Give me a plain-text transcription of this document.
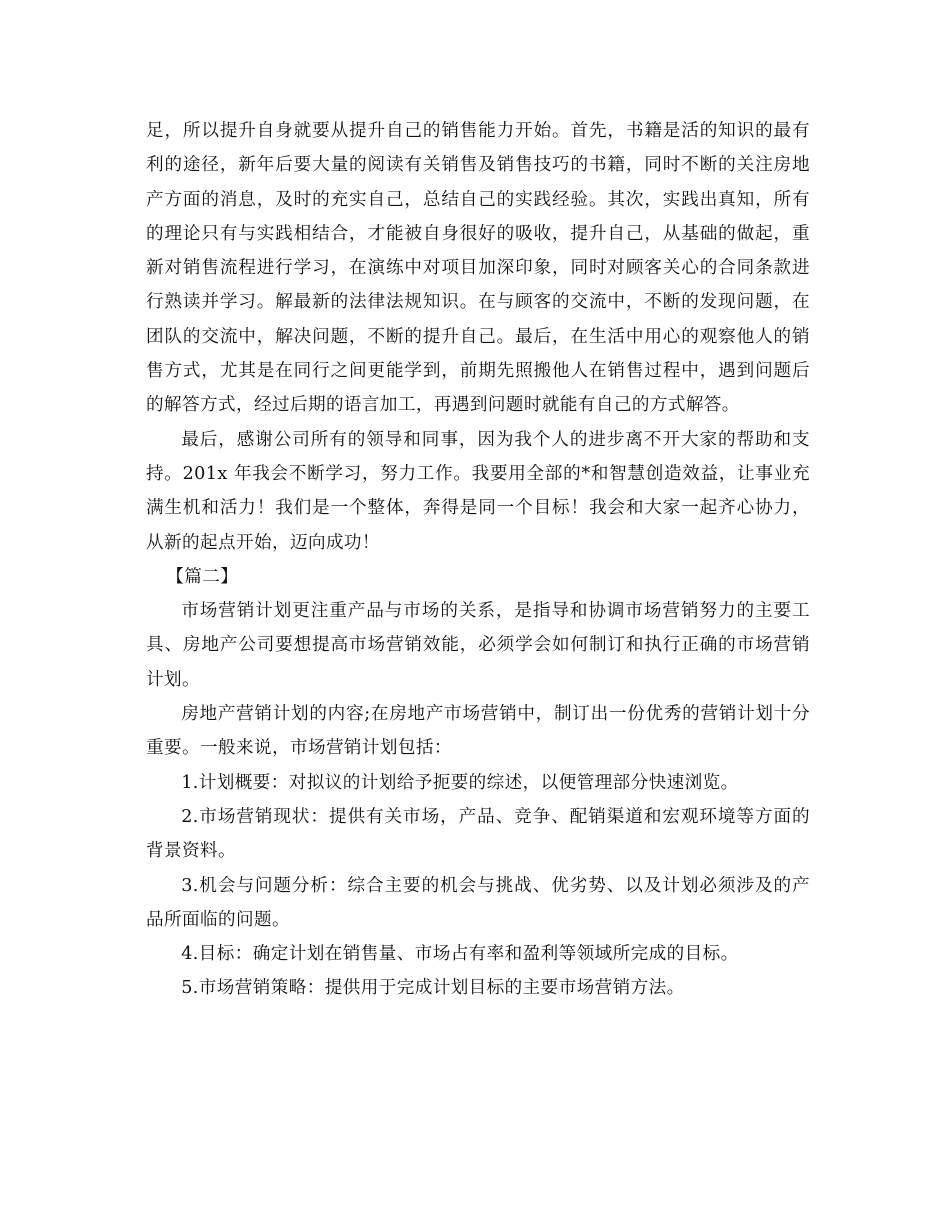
足，所以提升自身就要从提升自己的销售能力开始。首先，书籍是活的知识的最有利的途径，新年后要大量的阅读有关销售及销售技巧的书籍，同时不断的关注房地产方面的消息，及时的充实自己，总结自己的实践经验。其次，实践出真知，所有的理论只有与实践相结合，才能被自身很好的吸收，提升自己，从基础的做起，重新对销售流程进行学习，在演练中对项目加深印象，同时对顾客关心的合同条款进行熟读并学习。解最新的法律法规知识。在与顾客的交流中，不断的发现问题，在团队的交流中，解决问题，不断的提升自己。最后，在生活中用心的观察他人的销售方式，尤其是在同行之间更能学到，前期先照搬他人在销售过程中，遇到问题后的解答方式，经过后期的语言加工，再遇到问题时就能有自己的方式解答。

最后，感谢公司所有的领导和同事，因为我个人的进步离不开大家的帮助和支持。201x 年我会不断学习，努力工作。我要用全部的*和智慧创造效益，让事业充满生机和活力！我们是一个整体，奔得是同一个目标！我会和大家一起齐心协力，从新的起点开始，迈向成功！

【篇二】

市场营销计划更注重产品与市场的关系，是指导和协调市场营销努力的主要工具、房地产公司要想提高市场营销效能，必须学会如何制订和执行正确的市场营销计划。

房地产营销计划的内容;在房地产市场营销中，制订出一份优秀的营销计划十分重要。一般来说，市场营销计划包括：

1.计划概要：对拟议的计划给予扼要的综述，以便管理部分快速浏览。

2.市场营销现状：提供有关市场，产品、竞争、配销渠道和宏观环境等方面的背景资料。

3.机会与问题分析：综合主要的机会与挑战、优劣势、以及计划必须涉及的产品所面临的问题。

4.目标：确定计划在销售量、市场占有率和盈利等领域所完成的目标。

5.市场营销策略：提供用于完成计划目标的主要市场营销方法。
